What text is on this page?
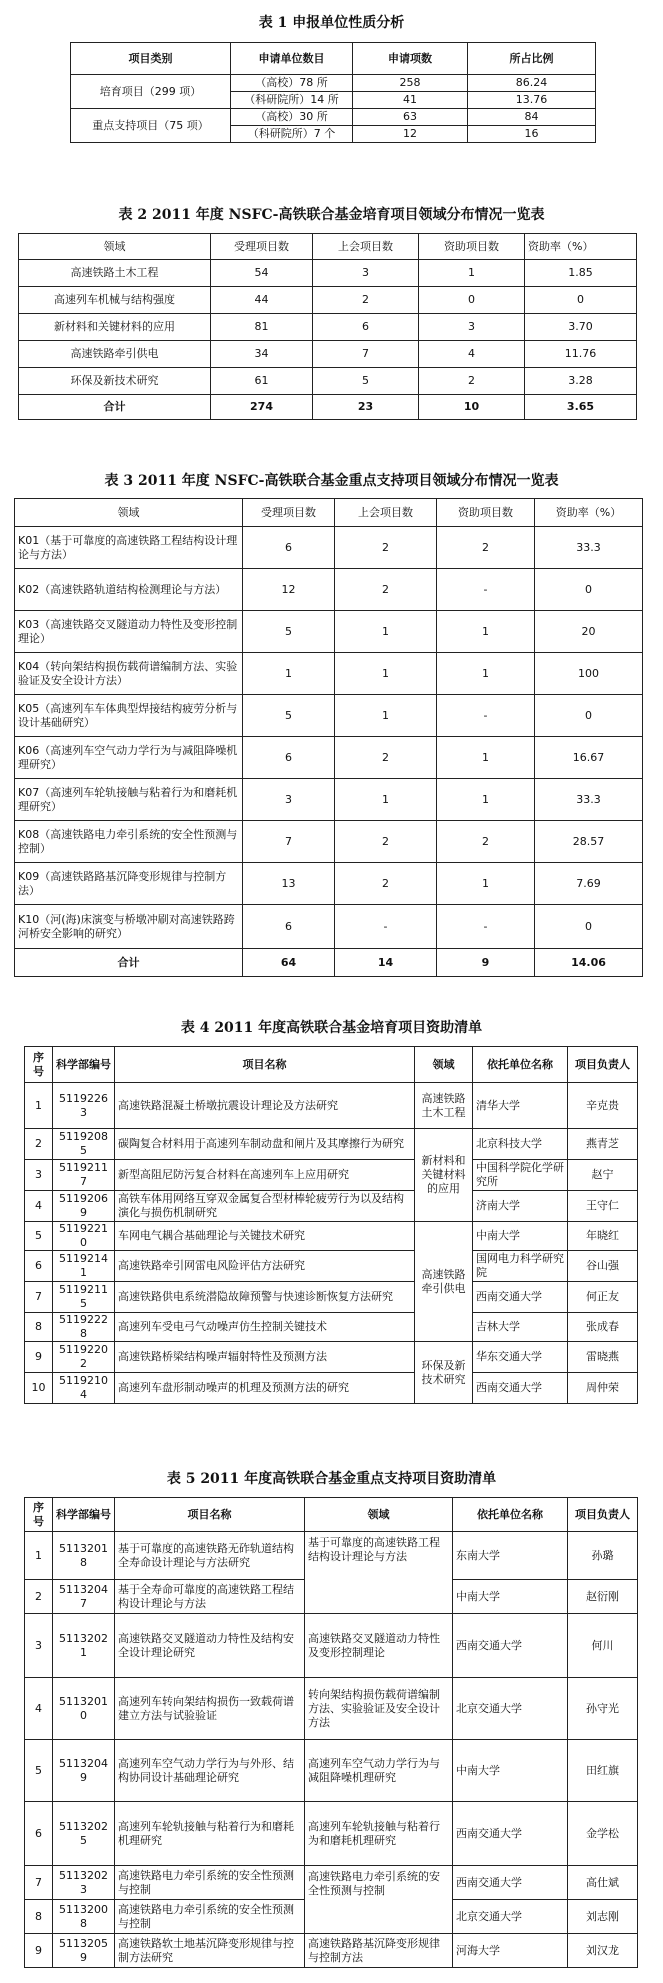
表 1 申报单位性质分析
项目类别	申请单位数目	申请项数	所占比例
培育项目（299 项）	（高校）78 所	258	86.24
	（科研院所）14 所	41	13.76
重点支持项目（75 项）	（高校）30 所	63	84
	（科研院所）7 个	12	16
表 2 2011 年度 NSFC-高铁联合基金培育项目领域分布情况一览表
领域	受理项目数	上会项目数	资助项目数	资助率（%）
高速铁路土木工程	54	3	1	1.85
高速列车机械与结构强度	44	2	0	0
新材料和关键材料的应用	81	6	3	3.70
高速铁路牵引供电	34	7	4	11.76
环保及新技术研究	61	5	2	3.28
合计	274	23	10	3.65
表 3 2011 年度 NSFC-高铁联合基金重点支持项目领域分布情况一览表
领域	受理项目数	上会项目数	资助项目数	资助率（%）
K01（基于可靠度的高速铁路工程结构设计理论与方法）	6	2	2	33.3
K02（高速铁路轨道结构检测理论与方法）	12	2	-	0
K03（高速铁路交叉隧道动力特性及变形控制理论）	5	1	1	20
K04（转向架结构损伤载荷谱编制方法、实验验证及安全设计方法）	1	1	1	100
K05（高速列车车体典型焊接结构疲劳分析与设计基础研究）	5	1	-	0
K06（高速列车空气动力学行为与减阻降噪机理研究）	6	2	1	16.67
K07（高速列车轮轨接触与粘着行为和磨耗机理研究）	3	1	1	33.3
K08（高速铁路电力牵引系统的安全性预测与控制）	7	2	2	28.57
K09（高速铁路路基沉降变形规律与控制方法）	13	2	1	7.69
K10（河(海)床演变与桥墩冲刷对高速铁路跨河桥安全影响的研究）	6	-	-	0
合计	64	14	9	14.06
表 4 2011 年度高铁联合基金培育项目资助清单
序号	科学部编号	项目名称	领域	依托单位名称	项目负责人
1	51192263	高速铁路混凝土桥墩抗震设计理论及方法研究	高速铁路土木工程	清华大学	辛克贵
2	51192085	碳陶复合材料用于高速列车制动盘和闸片及其摩擦行为研究	新材料和关键材料的应用	北京科技大学	燕青芝
3	51192117	新型高阻尼防污复合材料在高速列车上应用研究		中国科学院化学研究所	赵宁
4	51192069	高铁车体用网络互穿双金属复合型材棒轮疲劳行为以及结构演化与损伤机制研究		济南大学	王守仁
5	51192210	车网电气耦合基础理论与关键技术研究	高速铁路牵引供电	中南大学	年晓红
6	51192141	高速铁路牵引网雷电风险评估方法研究		国网电力科学研究院	谷山强
7	51192115	高速铁路供电系统潜隐故障预警与快速诊断恢复方法研究		西南交通大学	何正友
8	51192228	高速列车受电弓气动噪声仿生控制关键技术		吉林大学	张成春
9	51192202	高速铁路桥梁结构噪声辐射特性及预测方法	环保及新技术研究	华东交通大学	雷晓燕
10	51192104	高速列车盘形制动噪声的机理及预测方法的研究		西南交通大学	周仲荣
表 5 2011 年度高铁联合基金重点支持项目资助清单
序号	科学部编号	项目名称	领域	依托单位名称	项目负责人
1	51132018	基于可靠度的高速铁路无砟轨道结构全寿命设计理论与方法研究	基于可靠度的高速铁路工程结构设计理论与方法	东南大学	孙璐
2	51132047	基于全寿命可靠度的高速铁路工程结构设计理论与方法		中南大学	赵衍刚
3	51132021	高速铁路交叉隧道动力特性及结构安全设计理论研究	高速铁路交叉隧道动力特性及变形控制理论	西南交通大学	何川
4	51132010	高速列车转向架结构损伤一致载荷谱建立方法与试验验证	转向架结构损伤载荷谱编制方法、实验验证及安全设计方法	北京交通大学	孙守光
5	51132049	高速列车空气动力学行为与外形、结构协同设计基础理论研究	高速列车空气动力学行为与减阻降噪机理研究	中南大学	田红旗
6	51132025	高速列车轮轨接触与粘着行为和磨耗机理研究	高速列车轮轨接触与粘着行为和磨耗机理研究	西南交通大学	金学松
7	51132023	高速铁路电力牵引系统的安全性预测与控制	高速铁路电力牵引系统的安全性预测与控制	西南交通大学	高仕斌
8	51132008	高速铁路电力牵引系统的安全性预测与控制		北京交通大学	刘志刚
9	51132059	高速铁路软土地基沉降变形规律与控制方法研究	高速铁路路基沉降变形规律与控制方法	河海大学	刘汉龙
